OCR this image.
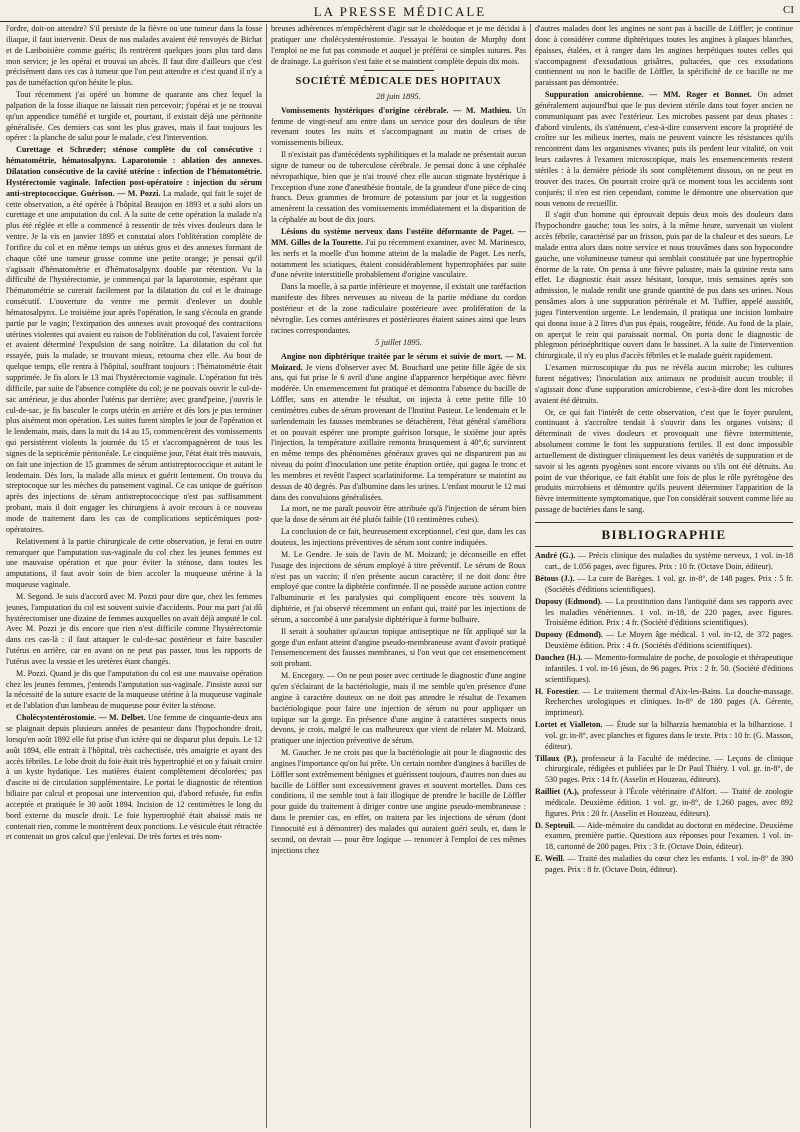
LA PRESSE MÉDICALE	CI

l'ordre, doit-on attendre? S'il persiste de la fièvre ou une tumeur dans la fosse iliaque, il faut intervenir. Deux de nos malades avaient été renvoyés de Bichat et de Lariboisière comme guéris; ils rentrèrent quelques jours plus tard dans mon service; je les opérai et trouvai un abcès. Il faut dire d'ailleurs que c'est précisément dans ces cas à tumeur que l'on peut attendre et c'est quand il n'y a pas de tuméfaction qu'on hésite le plus.

Tout récemment j'ai opéré un homme de quarante ans chez lequel la palpation de la fosse iliaque ne laissait rien percevoir; j'opérai et je ne trouvai qu'un appendice tuméfié et turgide et, pourtant, il existait déjà une péritonite généralisée. Ces derniers cas sont les plus graves, mais il faut toujours les opérer : la planche de salut pour le malade, c'est l'intervention.

Curettage et Schræder; sténose complète du col consécutive : hématométrie, hématosalpynx. Laparotomie : ablation des annexes. Dilatation consécutive de la cavité utérine : infection de l'hématométrie. Hystérectomie vaginale. Infection post-opératoire : injection du sérum anti-streptococcique. Guérison. — M. Pozzi. La malade, qui fait le sujet de cette observation, a été opérée à l'hôpital Beaujon en 1893 et a subi alors un curettage et une amputation du col. A la suite de cette opération la malade n'a plus été réglée et elle a commencé à ressentir de très vives douleurs dans le ventre. Je la vis en janvier 1895 et constatai alors l'oblitération complète de l'orifice du col et en même temps un utérus gros et des annexes formant de chaque côté une tumeur grosse comme une petite orange; je pensai qu'il s'agissait d'hématométrie et d'hématosalpynx double par rétention. Vu la difficulté de l'hystérectomie, je commençai par la laparotomie, espérant que l'hématométrie se curerait facilement par la dilatation du col et le drainage consécutif. L'ouverture du ventre me permit d'enlever un double hématosalpynx. Le troisième jour après l'opération, le sang s'écoula en grande partie par le vagin; l'extirpation des annexes avait provoqué des contractions utérines violentes qui avaient eu raison de l'oblitération du col, l'avaient forcée et avaient déterminé l'expulsion de sang noirâtre. La dilatation du col fut essayée, puis la malade, se trouvant mieux, retourna chez elle. Au bout de quelque temps, elle rentra à l'hôpital, souffrant toujours : l'hématométrie était supprimée. Je fis alors le 13 mai l'hystérectomie vaginale. L'opération fut très difficile, par suite de l'absence complète du col; je ne pouvais ouvrir le cul-de-sac antérieur, je dus aborder l'utérus par derrière; avec grand'peine, j'ouvris le cul-de-sac, je fis basculer le corps utérin en arrière et dès lors je pus terminer plus aisément mon opération. Les suites furent simples le jour de l'opération et le lendemain, mais, dans la nuit du 14 au 15, commencèrent des vomissements qui persistèrent violents la journée du 15 et s'accompagnèrent de tous les signes de la septicémie péritonéale. Le cinquième jour, l'état était très mauvais, on fait une injection de 15 grammes de sérum antistreptococcique et autant le lendemain. Dès lors, la malade alla mieux et guérit lentement. On trouva du streptocoque sur les mèches du pansement vaginal. Ce cas unique de guérison après des injections de sérum antistreptococcique n'est pas suffisamment probant, mais il doit engager les chirurgiens à avoir recours à ce nouveau mode de traitement dans les cas de complications septicémiques post-opératoires.

Relativement à la partie chirurgicale de cette observation, je ferai en outre remarquer que l'amputation sus-vaginale du col chez les jeunes femmes est une mauvaise opération et que pour éviter la sténose, dans toutes les amputations, il faut avoir soin de bien accoler la muqueuse utérine à la muqueuse vaginale.

M. Segond. Je suis d'accord avec M. Pozzi pour dire que, chez les femmes jeunes, l'amputation du col est souvent suivie d'accidents. Pour ma part j'ai dû hystérectomiser une dizaine de femmes auxquelles on avait déjà amputé le col. Avec M. Pozzi je dis encore que rien n'est difficile comme l'hystérectomie dans ces cas-là : il faut attaquer le cul-de-sac postérieur et faire basculer l'utérus en arrière, car en avant on ne peut pas passer, tous les rapports de l'utérus avec la vessie et les uretères étant changés.

M. Pozzi. Quand je dis que l'amputation du col est une mauvaise opération chez les jeunes femmes, j'entends l'amputation sus-vaginale. J'insiste aussi sur la nécessité de la suture exacte de la muqueuse utérine à la muqueuse vaginale et de l'ablation d'un lambeau de muqueuse pour éviter la sténose.

Cholécystentérostomie. — M. Delbet. Une femme de cinquante-deux ans se plaignait depuis plusieurs années de pesanteur dans l'hypochondre droit, lorsqu'en août 1892 elle fut prise d'un ictère qui ne disparut plus depuis. Le 12 août 1894, elle entrait à l'hôpital, très cachectisée, très amaigrie et ayant des accès fébriles. Le lobe droit du foie était très hypertrophié et on y faisait croire à un kyste hydatique. Les matières étaient complètement décolorées; pas d'ascite ni de circulation supplémentaire. Le portai le diagnostic de rétention biliaire par calcul et proposai une intervention qui, d'abord refusée, fut enfin acceptée et pratiquée le 30 août 1894. Incision de 12 centimètres le long du bord externe du muscle droit. Le foie hypertrophié était abaissé mais ne contenait rien, comme le montrèrent deux ponctions. Le vésicule était rétractée et contenait un gros calcul que j'enlevai. De très fortes et très nom-

breuses adhérences m'empêchèrent d'agir sur le cholédoque et je me décidai à pratiquer une cholécystentérostomie. J'essayai le bouton de Murphy dont l'emploi ne me fut pas commode et auquel je préférai ce simples sutures. Pas de drainage. La guérison s'est faite et se maintient complète depuis dix mois.

SOCIÉTÉ MÉDICALE DES HOPITAUX
28 juin 1895.

Vomissements hystériques d'origine cérébrale. — M. Mathieu. Un femme de vingt-neuf ans entre dans un service pour des douleurs de tête revenant toutes les nuits et s'accompagnant au matin de crises de vomissements bilieux.

Il n'existait pas d'antécédents syphilitiques et la malade ne présentait aucun signe de tumeur ou de tuberculose cérébrale. Je pensai donc à une céphalée névropathique, bien que je n'ai trouvé chez elle aucun stigmate hystérique à l'exception d'une zone d'anesthésie frontale, de la grandeur d'une pièce de cinq francs. Deux grammes de bromure de potassium par jour et la suggestion amenèrent la cessation des vomissements immédiatement et la disparition de la céphalée au bout de dix jours.

Lésions du système nerveux dans l'ostéite déformante de Paget. — MM. Gilles de la Tourette. J'ai pu récemment examiner, avec M. Marinesco, les nerfs et la moelle d'un homme atteint de la maladie de Paget. Les nerfs, notamment les sciatiques, étaient considérablement hypertrophiées par suite d'une névrite interstitielle probablement d'origine vasculaire.

Dans la moelle, à sa partie inférieure et moyenne, il existait une raréfaction manifeste des fibres nerveuses au niveau de la partie médiane du cordon postérieur et de la zone radiculaire postérieure avec prolifération de la névroglie. Les cornes antérieures et postérieures étaient saines ainsi que leurs racines correspondantes.

5 juillet 1895.

Angine non diphtérique traitée par le sérum et suivie de mort. — M. Moizard. Je viens d'observer avec M. Bouchard une petite fille âgée de six ans, qui fut prise le 6 avril d'une angine d'apparence herpétique avec fièvre modérée. Un ensemencement fut pratiqué et démontra l'absence du bacille de Löffler, sans en attendre le résultat, on injecta à cette petite fille 10 centimètres cubes de sérum provenant de l'Institut Pasteur. Le lendemain et le surlendemain les fausses membranes se détachèrent, l'état général s'améliora et on pouvait espérer une prompte guérison lorsque, le sixième jour après l'injection, la température axillaire remonta brusquement à 40°,6; survinrent en même temps des phénomènes généraux graves qui ne disparurent pas au niveau du point d'inoculation une petite éruption ortiée, qui gagna le tronc et les membres et revêtit l'aspect scarlatiniforme. La température se maintint au dessus de 40 degrés. Pas d'albumine dans les urines. L'enfant mourut le 12 mai dans des convulsions généralisées.

La mort, ne me paraît pouvoir être attribuée qu'à l'injection de sérum bien que la dose de sérum ait été plutôt faible (10 centimètres cubes).

La conclusion de ce fait, heureusement exceptionnel, c'est que, dans les cas douteux, les injections préventives de sérum sont contre indiquées.

M. Le Gendre. Je suis de l'avis de M. Moizard; je déconseille en effet l'usage des injections de sérum employé à titre préventif. Le sérum de Roux n'est pas un vaccin; il n'en présente aucun caractère; il ne doit donc être employé que contre la diphtérie confirmée. Il ne possède aucune action contre l'albuminurie et les paralysies qui compliquent encore très souvent la diphtérie, et j'ai observé récemment un enfant qui, traité par les injections de sérum, a succombé à une paralysie diphtérique à forme bulbaire.

Il serait à souhaiter qu'aucun topique antiseptique ne fût appliqué sur la gorge d'un enfant atteint d'angine pseudo-membraneuse avant d'avoir pratiqué l'ensemencement des fausses membranes, si l'on veut que cet ensemencement soit probant.

M. Encegory. — On ne peut poser avec certitude le diagnostic d'une angine qu'en s'éclairant de la bactériologie, mais il me semble qu'en présence d'une angine à caractère douteux on ne doit pas attendre le résultat de l'examen bactériologique pour faire une injection de sérum ou pour appliquer un topique sur la gorge. En présence d'une angine à caractères suspects nous devons, je crois, malgré le cas malheureux que vient de relater M. Moizard, pratiquer une injection préventive de sérum.

M. Gaucher. Je ne crois pas que la bactériologie ait pour le diagnostic des angines l'importance qu'on lui prête. Un certain nombre d'angines à bacilles de Löffler sont extrêmement bénignes et guérissent toujours, d'autres non dues au bacille de Löffler sont excessivement graves et souvent mortelles. Dans ces conditions, il me semble tout à fait illogique de prendre le bacille de Löffler pour guide du traitement à diriger contre une angine pseudo-membraneuse : dans le premier cas, en effet, on traitera par les injections de sérum (dont l'innocuité est à démontrer) des malades qui auraient guéri seuls, et, dans le second, on devrait — pour être logique — renoncer à l'emploi de ces mêmes injections chez

d'autres malades dont les angines ne sont pas à bacille de Löffler; je continue donc à considérer comme diphtériques toutes les angines à plaques blanches, épaisses, étalées, et à ranger dans les angines herpétiques toutes celles qui s'accompagnent d'exsudatious grisâtres, pultacées, que ces exsudations contiennent ou non le bacille de Löffler, la spécificité de ce bacille ne me paraissant pas démontrée.

Suppuration amicrobienne. — MM. Roger et Bonnet. On admet généralement aujourd'hui que le pus devient stérile dans tout foyer ancien ne communiquant pas avec l'extérieur. Les microbes passent par deux phases : d'abord virulents, ils s'atténuent, c'est-à-dire conservent encore la propriété de croître sur les milieux inertes, mais ne peuvent vaincre les résistances qu'ils rencontrent dans les organismes vivants; puis ils perdent leur vitalité, on voit leurs cadavres à l'examen microscopique, mais les ensemencements restent stériles : à la dernière période ils sont complètement dissous, on ne peut en trouver des traces. On pourrait croire qu'à ce moment tous les accidents sont conjurés; il n'en est rien cependant, comme le démontre une observation que nous venons de recueillir.

Il s'agit d'un homme qui éprouvait depuis deux mois des douleurs dans l'hypochondre gauche; tous les soirs, à la même heure, survenait un violent accès fébrile, caractérisé par un frisson, puis par de la chaleur et des sueurs. Le malade entra alors dans notre service et nous trouvâmes dans son hypocondre gauche, une volumineuse tumeur qui semblait constituée par une hypertrophie énorme de la rate. On pensa à une fièvre palustre, mais la quinine resta sans effet. Le diagnostic était assez hésitant, lorsque, trois semaines après son admission, le malade rendit une grande quantité de pus dans ses urines. Nous pensâmes alors à une suppuration périrénale et M. Tuffier, appelé aussitôt, jugea l'intervention urgente. Le lendemain, il pratiqua une incision lombaire qui donna issue à 2 litres d'un pus épais, rougeâtre, fétide. Au fond de la plaie, on aperçut le rein qui paraissait normal. On porta donc le diagnostic de phlegmon périnéphritique ouvert dans le bassinet. A la suite de l'intervention chirurgicale, il n'y eu plus d'accès fébriles et le malade guérit rapidement.

L'examen microscopique du pus ne révéla aucun microbe; les cultures furent négatives; l'inoculation aux animaux ne produisit aucun trouble; il s'agissait donc d'une suppuration amicrobienne, c'est-à-dire dont les microbes avaient été détruits.

Or, ce qui fait l'intérêt de cette observation, c'est que le foyer purulent, continuant à s'accroître tendait à s'ouvrir dans les organes voisins; il déterminait de vives douleurs et provoquait une fièvre intermittente, absolument comme le font les suppurations fertiles. Il est donc impossible actuellement de distinguer cliniquement les deux variétés de suppuration et de savoir si les agents pyogènes sont encore vivants ou s'ils ont été détruits. Au point de vue théorique, ce fait établit une fois de plus le rôle pyrétogène des produits microbiens et démontre qu'ils peuvent déterminer l'apparition de la fièvre intermittente symptomatique, que l'on considérait souvent comme liée au passage de bactéries dans le sang.

BIBLIOGRAPHIE

André (G.). — Précis clinique des maladies du système nerveux, 1 vol. in-18 cart., de 1.056 pages, avec figures. Prix : 10 fr. (Octave Doin, éditeur).

Bétous (J.). — La cure de Barèges. 1 vol. gr. in-8°, de 148 pages. Prix : 5 fr. (Sociétés d'éditions scientifiques).

Dupouy (Edmond). — La prostitution dans l'antiquité dans ses rapports avec les maladies vénériennes. 1 vol. in-18, de 220 pages, avec figures. Troisième édition. Prix : 4 fr. (Société d'éditions scientifiques).

Dupouy (Edmond). — Le Moyen âge médical. 1 vol. in-12, de 372 pages. Deuxième édition. Prix : 4 fr. (Sociétés d'éditions scientifiques).

Dauchez (H.). — Memento-formulaire de poche, de posologie et thérapeutique infantiles. 1 vol. in-16 jésus, de 96 pages. Prix : 2 fr. 50. (Société d'éditions scientifiques).

H. Forestier. — Le traitement thermal d'Aix-les-Bains. La douche-massage. Recherches urologiques et cliniques. In-8° de 180 pages (A. Gérente, imprimeur).

Lortet et Vialleton. — Étude sur la bilharzia hæmatobia et la bilharziose. 1 vol. gr. in-8°, avec planches et figures dans le texte. Prix : 10 fr. (G. Masson, éditeur).

Tillaux (P.), professeur à la Faculté de médecine. — Leçons de clinique chirurgicale, rédigées et publiées par le Dr Paul Thiéry. 1 vol. gr. in-8°, de 530 pages. Prix : 14 fr. (Asselin et Houzeau, éditeurs).

Railliet (A.), professeur à l'École vétérinaire d'Alfort. — Traité de zoologie médicale. Deuxième édition. 1 vol. gr. in-8°, de 1.260 pages, avec 892 figures. Prix : 20 fr. (Asselin et Houzeau, éditeurs).

D. Septeuil. — Aide-mémoire du candidat au doctorat en médecine. Deuxième examen, première partie. Questions aux réponses pour l'examen. 1 vol. in-18, cartonné de 200 pages. Prix : 3 fr. (Octave Doin, éditeur).

E. Weill. — Traité des maladies du cœur chez les enfants. 1 vol. in-8° de 390 pages. Prix : 8 fr. (Octave Doin, éditeur).
